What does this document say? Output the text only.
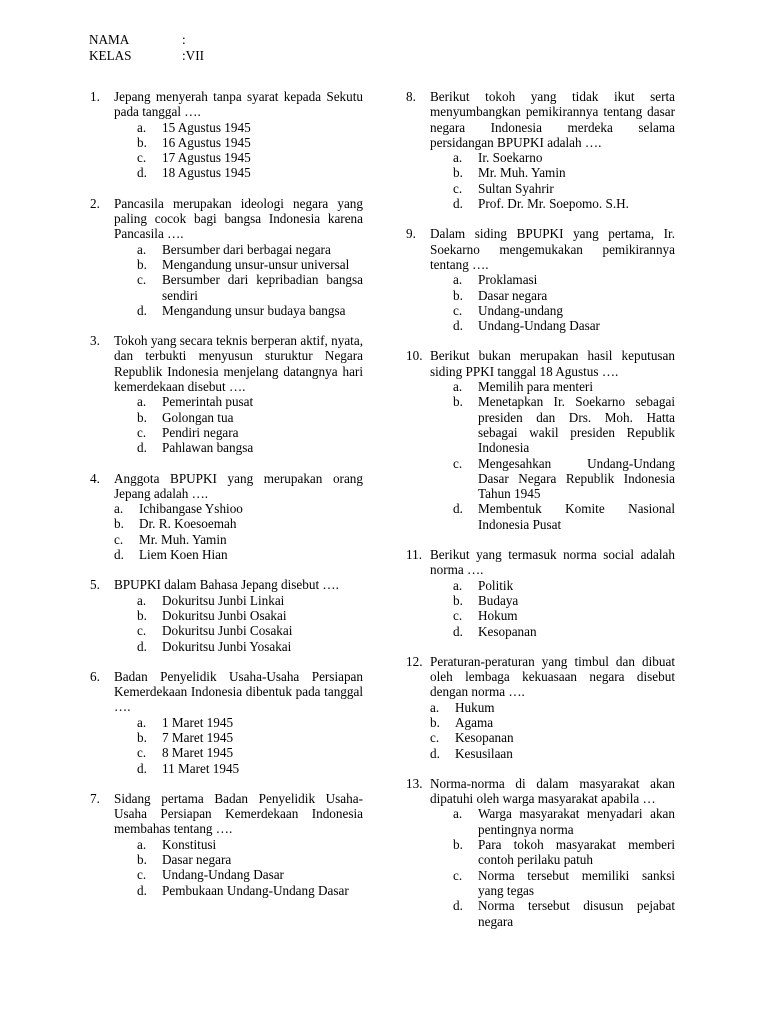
NAMA	:
KELAS	:VII
1.	Jepang menyerah tanpa syarat kepada Sekutu pada tanggal ….
a.	15 Agustus 1945
b.	16 Agustus 1945
c.	17 Agustus 1945
d.	18 Agustus 1945
2.	Pancasila merupakan ideologi negara yang paling cocok bagi bangsa Indonesia karena Pancasila ….
a.	Bersumber dari berbagai negara
b.	Mengandung unsur-unsur universal
c.	Bersumber dari kepribadian bangsa sendiri
d.	Mengandung unsur budaya bangsa
3.	Tokoh yang secara teknis berperan aktif, nyata, dan terbukti menyusun sturuktur Negara Republik Indonesia menjelang datangnya hari kemerdekaan disebut ….
a.	Pemerintah pusat
b.	Golongan tua
c.	Pendiri negara
d.	Pahlawan bangsa
4.	Anggota BPUPKI yang merupakan orang Jepang adalah ….
a.	Ichibangase Yshioo
b.	Dr. R. Koesoemah
c.	Mr. Muh. Yamin
d.	Liem Koen Hian
5.	BPUPKI dalam Bahasa Jepang disebut ….
a.	Dokuritsu Junbi Linkai
b.	Dokuritsu Junbi Osakai
c.	Dokuritsu Junbi Cosakai
d.	Dokuritsu Junbi Yosakai
6.	Badan Penyelidik Usaha-Usaha Persiapan Kemerdekaan Indonesia dibentuk pada tanggal ….
a.	1 Maret 1945
b.	7 Maret 1945
c.	8 Maret 1945
d.	11 Maret 1945
7.	Sidang pertama Badan Penyelidik Usaha-Usaha Persiapan Kemerdekaan Indonesia membahas tentang ….
a.	Konstitusi
b.	Dasar negara
c.	Undang-Undang Dasar
d.	Pembukaan Undang-Undang Dasar
8.	Berikut tokoh yang tidak ikut serta menyumbangkan pemikirannya tentang dasar negara Indonesia merdeka selama persidangan BPUPKI adalah ….
a.	Ir. Soekarno
b.	Mr. Muh. Yamin
c.	Sultan Syahrir
d.	Prof. Dr. Mr. Soepomo. S.H.
9.	Dalam siding BPUPKI yang pertama, Ir. Soekarno mengemukakan pemikirannya tentang ….
a.	Proklamasi
b.	Dasar negara
c.	Undang-undang
d.	Undang-Undang Dasar
10. Berikut bukan merupakan hasil keputusan siding PPKI tanggal 18 Agustus ….
a.	Memilih para menteri
b.	Menetapkan Ir. Soekarno sebagai presiden dan Drs. Moh. Hatta sebagai wakil presiden Republik Indonesia
c.	Mengesahkan Undang-Undang Dasar Negara Republik Indonesia Tahun 1945
d.	Membentuk Komite Nasional Indonesia Pusat
11. Berikut yang termasuk norma social adalah norma ….
a.	Politik
b.	Budaya
c.	Hokum
d.	Kesopanan
12. Peraturan-peraturan yang timbul dan dibuat oleh lembaga kekuasaan negara disebut dengan norma ….
a.	Hukum
b.	Agama
c.	Kesopanan
d.	Kesusilaan
13. Norma-norma di dalam masyarakat akan dipatuhi oleh warga masyarakat apabila …
a.	Warga masyarakat menyadari akan pentingnya norma
b.	Para tokoh masyarakat memberi contoh perilaku patuh
c.	Norma tersebut memiliki sanksi yang tegas
d.	Norma tersebut disusun pejabat negara
